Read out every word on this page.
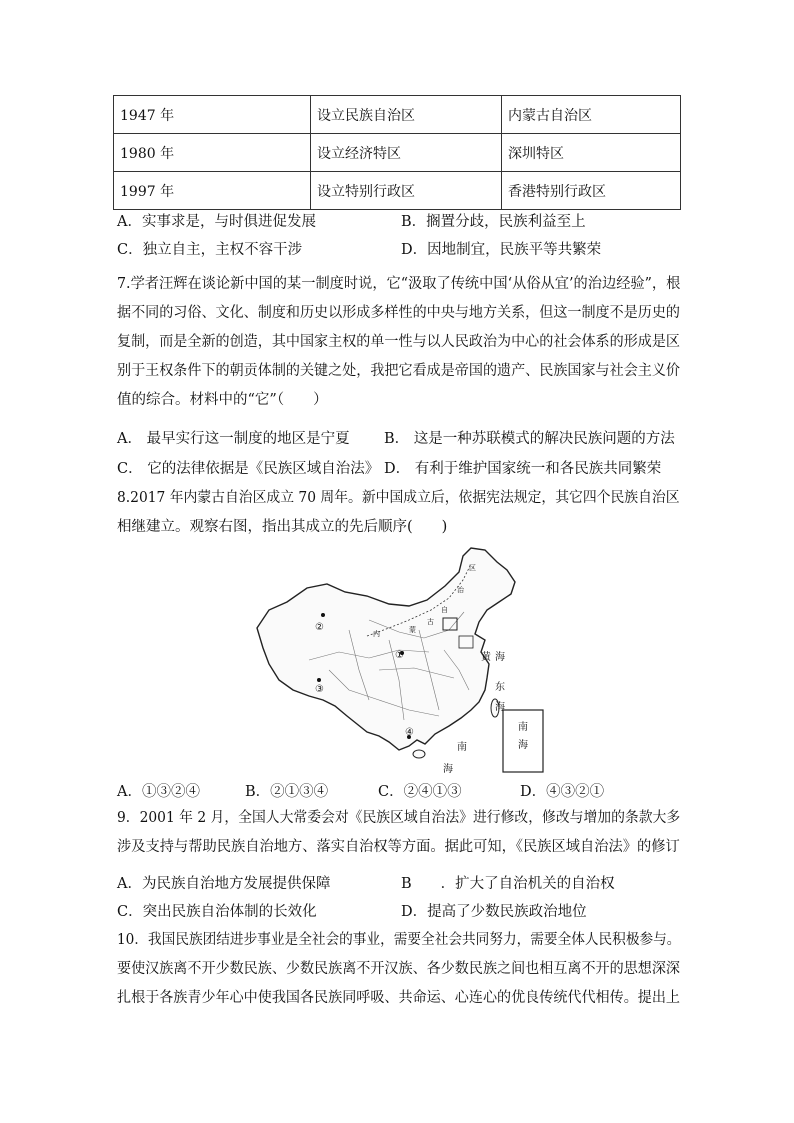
1947 年	设立民族自治区	内蒙古自治区
1980 年	设立经济特区	深圳特区
1997 年	设立特别行政区	香港特别行政区
A．实事求是，与时俱进促发展	B．搁置分歧，民族利益至上
C．独立自主，主权不容干涉	D．因地制宜，民族平等共繁荣
7.学者汪辉在谈论新中国的某一制度时说，它“汲取了传统中国‘从俗从宜’的治边经验”，根
据不同的习俗、文化、制度和历史以形成多样性的中央与地方关系，但这一制度不是历史的
复制，而是全新的创造，其中国家主权的单一性与以人民政治为中心的社会体系的形成是区
别于王权条件下的朝贡体制的关键之处，我把它看成是帝国的遗产、民族国家与社会主义价
值的综合。材料中的“它”（　　）
A． 最早实行这一制度的地区是宁夏 B． 这是一种苏联模式的解决民族问题的方法
C． 它的法律依据是《民族区域自治法》 D． 有利于维护国家统一和各民族共同繁荣
8.2017 年内蒙古自治区成立 70 周年。新中国成立后，依据宪法规定，其它四个民族自治区
相继建立。观察右图，指出其成立的先后顺序(　　)
南
海
②
③
①
④
内	蒙
古
自
治
区
黄 海
东
海
南
海
A．①③②④	B．②①③④	C．②④①③	D．④③②①
9．2001 年 2 月，全国人大常委会对《民族区域自治法》进行修改，修改与增加的条款大多
涉及支持与帮助民族自治地方、落实自治权等方面。据此可知，《民族区域自治法》的修订
A．为民族自治地方发展提供保障	B　　．扩大了自治机关的自治权
C．突出民族自治体制的长效化	D．提高了少数民族政治地位
10．我国民族团结进步事业是全社会的事业，需要全社会共同努力，需要全体人民积极参与。
要使汉族离不开少数民族、少数民族离不开汉族、各少数民族之间也相互离不开的思想深深
扎根于各族青少年心中使我国各民族同呼吸、共命运、心连心的优良传统代代相传。提出上
